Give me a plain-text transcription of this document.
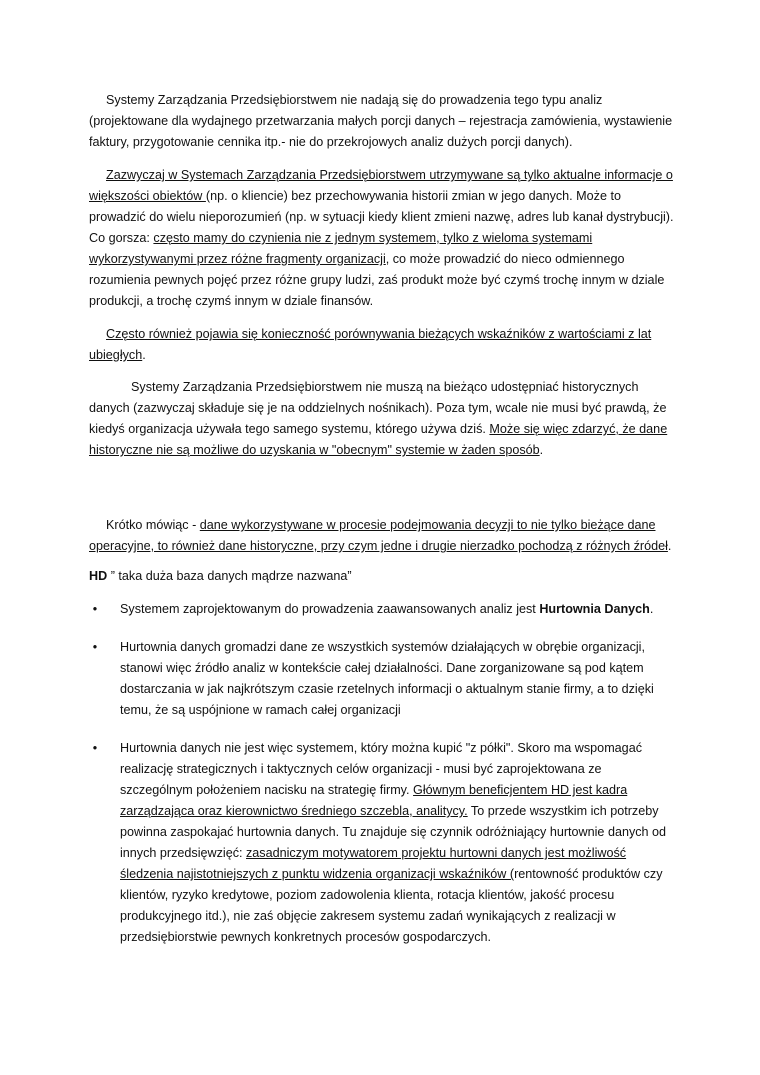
Systemy Zarządzania Przedsiębiorstwem nie nadają się do prowadzenia tego typu analiz (projektowane dla wydajnego przetwarzania małych porcji danych – rejestracja zamówienia, wystawienie faktury, przygotowanie cennika itp.- nie do przekrojowych analiz dużych porcji danych).

Zazwyczaj w Systemach Zarządzania Przedsiębiorstwem utrzymywane są tylko aktualne informacje o większości obiektów (np. o kliencie) bez przechowywania historii zmian w jego danych. Może to prowadzić do wielu nieporozumień (np. w sytuacji kiedy klient zmieni nazwę, adres lub kanał dystrybucji). Co gorsza: często mamy do czynienia nie z jednym systemem, tylko z wieloma systemami wykorzystywanymi przez różne fragmenty organizacji, co może prowadzić do nieco odmiennego rozumienia pewnych pojęć przez różne grupy ludzi, zaś produkt może być czymś trochę innym w dziale produkcji, a trochę czymś innym w dziale finansów.

Często również pojawia się konieczność porównywania bieżących wskaźników z wartościami z lat ubiegłych.

Systemy Zarządzania Przedsiębiorstwem nie muszą na bieżąco udostępniać historycznych danych (zazwyczaj składuje się je na oddzielnych nośnikach). Poza tym, wcale nie musi być prawdą, że kiedyś organizacja używała tego samego systemu, którego używa dziś. Może się więc zdarzyć, że dane historyczne nie są możliwe do uzyskania w "obecnym" systemie w żaden sposób.

Krótko mówiąc - dane wykorzystywane w procesie podejmowania decyzji to nie tylko bieżące dane operacyjne, to również dane historyczne, przy czym jedne i drugie nierzadko pochodzą z różnych źródeł.

HD ” taka duża baza danych mądrze nazwana”

•	Systemem zaprojektowanym do prowadzenia zaawansowanych analiz jest Hurtownia Danych.
•	Hurtownia danych gromadzi dane ze wszystkich systemów działających w obrębie organizacji, stanowi więc źródło analiz w kontekście całej działalności. Dane zorganizowane są pod kątem dostarczania w jak najkrótszym czasie rzetelnych informacji o aktualnym stanie firmy, a to dzięki temu, że są uspójnione w ramach całej organizacji
•	Hurtownia danych nie jest więc systemem, który można kupić "z półki". Skoro ma wspomagać realizację strategicznych i taktycznych celów organizacji - musi być zaprojektowana ze szczególnym położeniem nacisku na strategię firmy. Głównym beneficjentem HD jest kadra zarządzająca oraz kierownictwo średniego szczebla, analitycy. To przede wszystkim ich potrzeby powinna zaspokajać hurtownia danych. Tu znajduje się czynnik odróżniający hurtownie danych od innych przedsięwzięć: zasadniczym motywatorem projektu hurtowni danych jest możliwość śledzenia najistotniejszych z punktu widzenia organizacji wskaźników (rentowność produktów czy klientów, ryzyko kredytowe, poziom zadowolenia klienta, rotacja klientów, jakość procesu produkcyjnego itd.), nie zaś objęcie zakresem systemu zadań wynikających z realizacji w przedsiębiorstwie pewnych konkretnych procesów gospodarczych.
